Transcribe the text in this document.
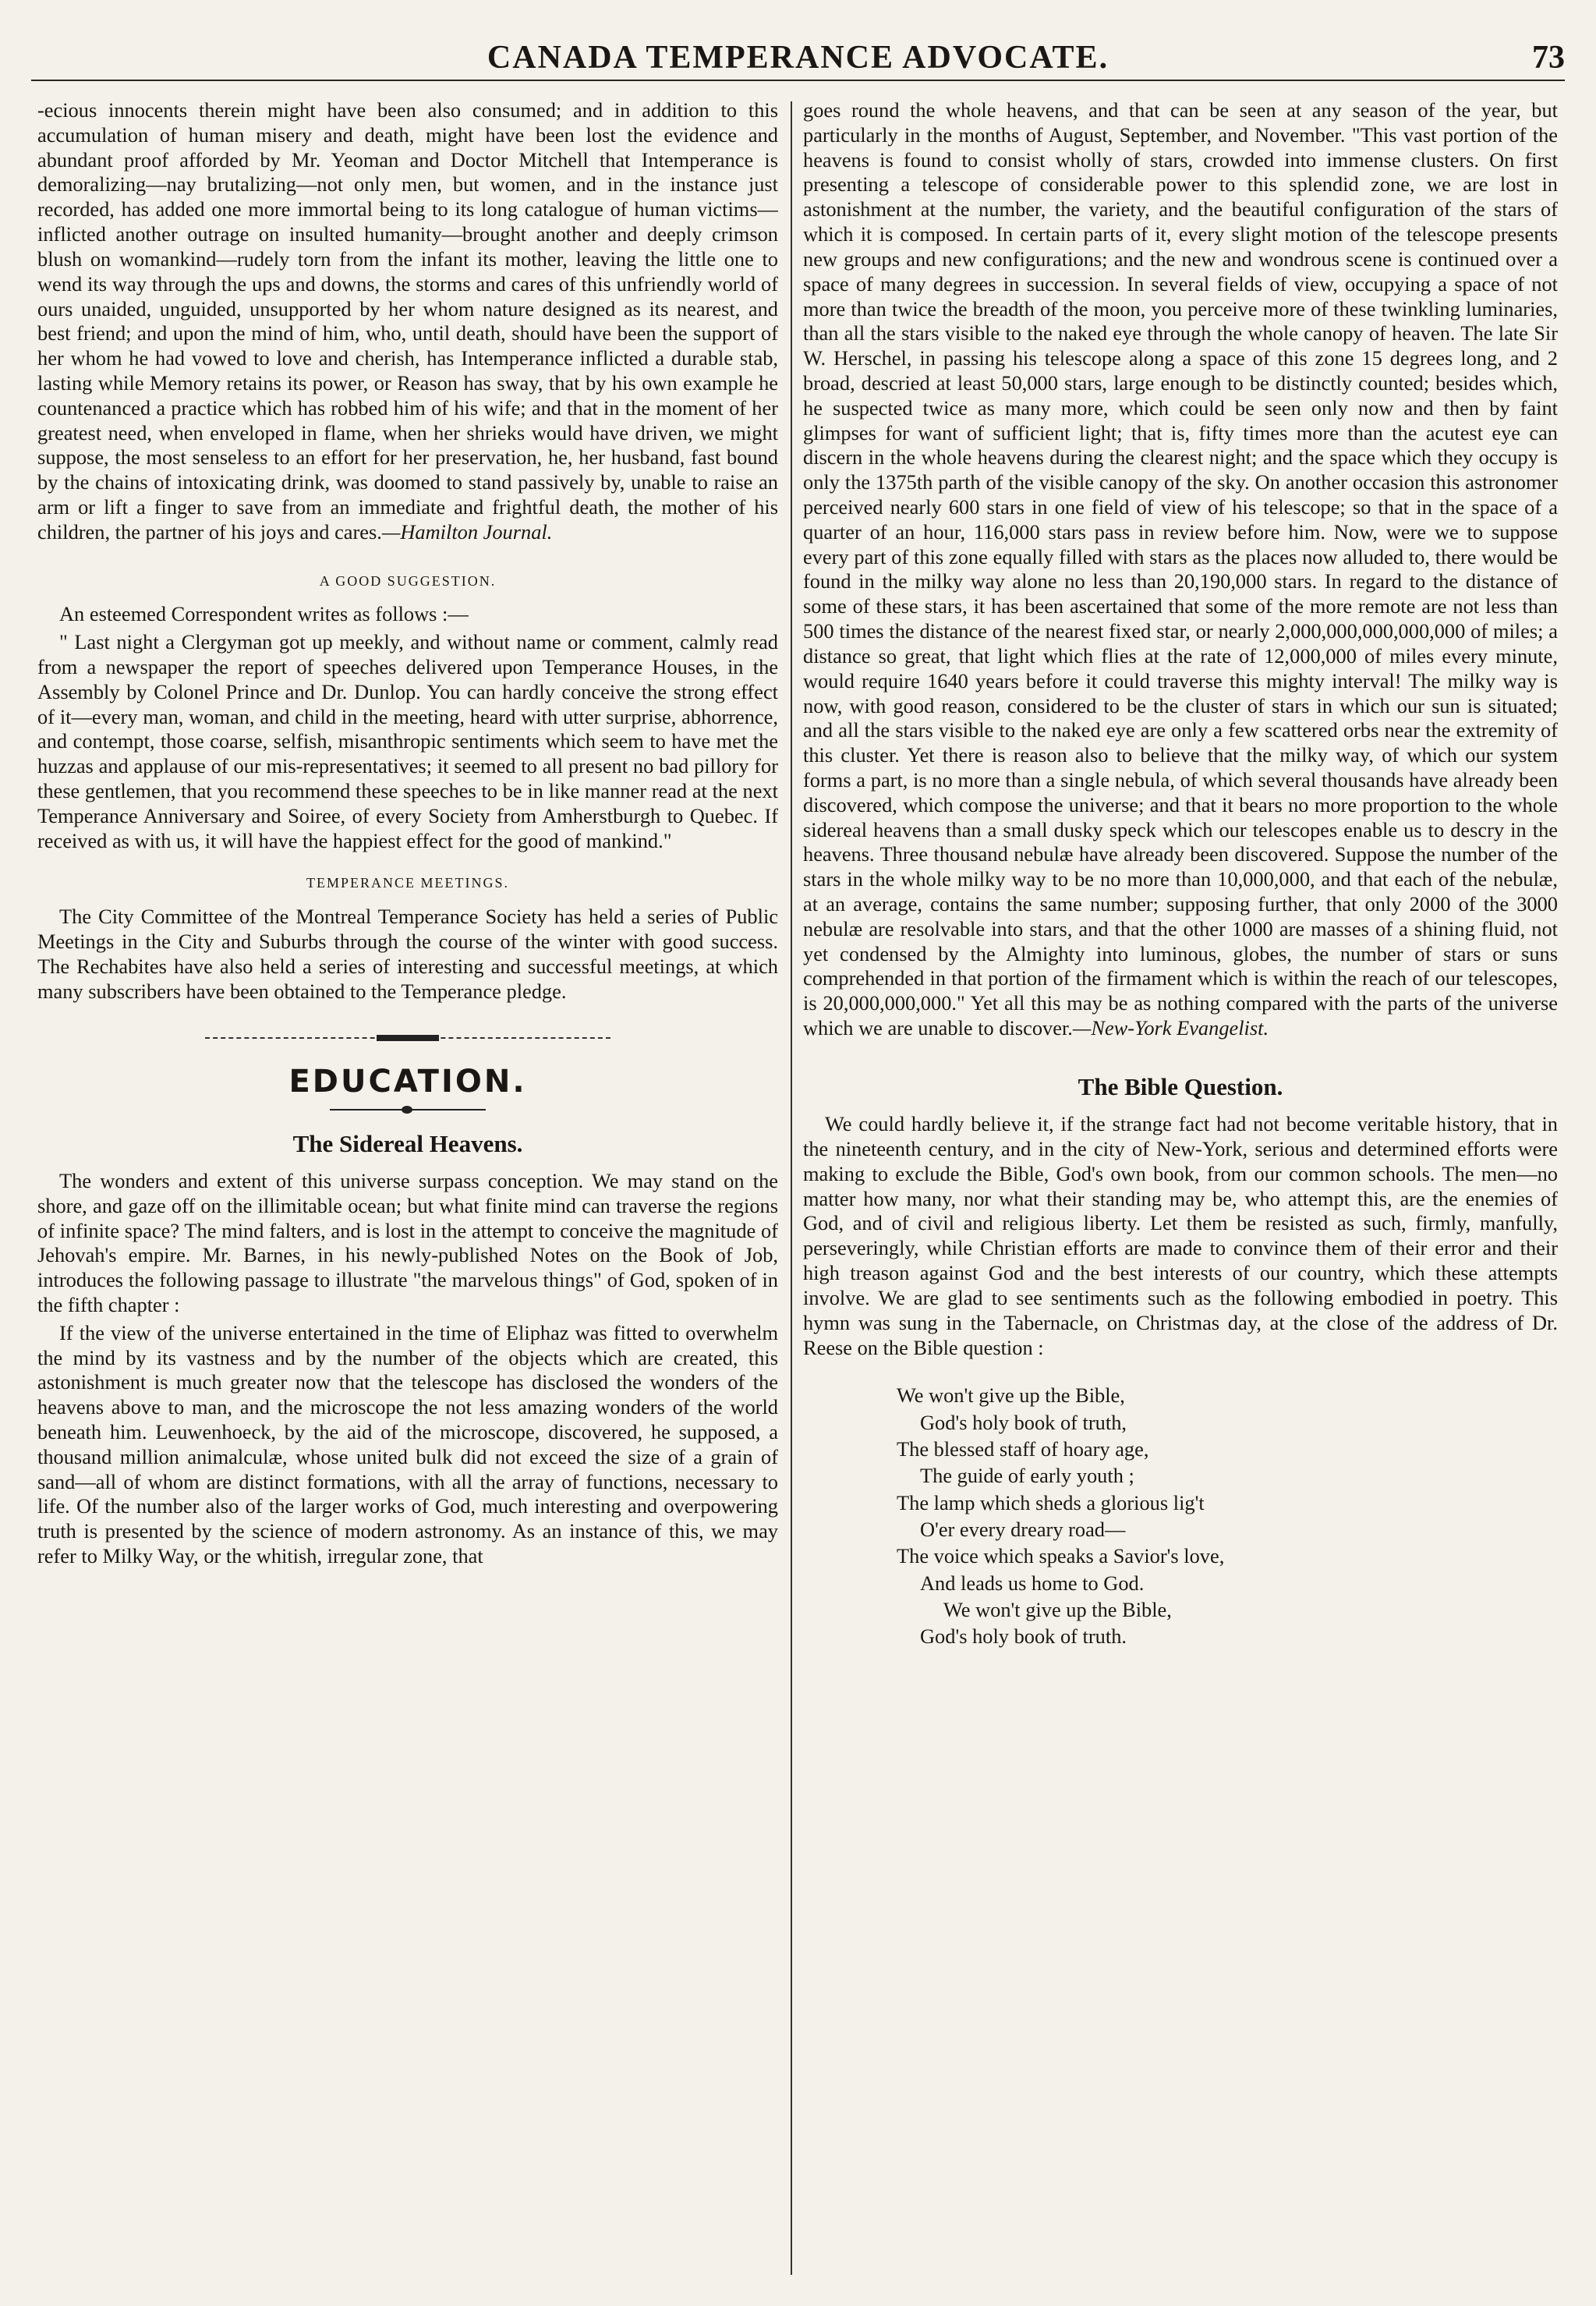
CANADA TEMPERANCE ADVOCATE.	73

-ecious innocents therein might have been also consumed; and in addition to this accumulation of human misery and death, might have been lost the evidence and abundant proof afforded by Mr. Yeoman and Doctor Mitchell that Intemperance is demoralizing—nay brutalizing—not only men, but women, and in the instance just recorded, has added one more immortal being to its long catalogue of human victims—inflicted another outrage on insulted humanity—brought another and deeply crimson blush on womankind—rudely torn from the infant its mother, leaving the little one to wend its way through the ups and downs, the storms and cares of this unfriendly world of ours unaided, unguided, unsupported by her whom nature designed as its nearest, and best friend; and upon the mind of him, who, until death, should have been the support of her whom he had vowed to love and cherish, has Intemperance inflicted a durable stab, lasting while Memory retains its power, or Reason has sway, that by his own example he countenanced a practice which has robbed him of his wife; and that in the moment of her greatest need, when enveloped in flame, when her shrieks would have driven, we might suppose, the most senseless to an effort for her preservation, he, her husband, fast bound by the chains of intoxicating drink, was doomed to stand passively by, unable to raise an arm or lift a finger to save from an immediate and frightful death, the mother of his children, the partner of his joys and cares.—Hamilton Journal.

A GOOD SUGGESTION.

An esteemed Correspondent writes as follows :—

" Last night a Clergyman got up meekly, and without name or comment, calmly read from a newspaper the report of speeches delivered upon Temperance Houses, in the Assembly by Colonel Prince and Dr. Dunlop. You can hardly conceive the strong effect of it—every man, woman, and child in the meeting, heard with utter surprise, abhorrence, and contempt, those coarse, selfish, misanthropic sentiments which seem to have met the huzzas and applause of our mis-representatives; it seemed to all present no bad pillory for these gentlemen, that you recommend these speeches to be in like manner read at the next Temperance Anniversary and Soiree, of every Society from Amherstburgh to Quebec. If received as with us, it will have the happiest effect for the good of mankind."

TEMPERANCE MEETINGS.

The City Committee of the Montreal Temperance Society has held a series of Public Meetings in the City and Suburbs through the course of the winter with good success. The Rechabites have also held a series of interesting and successful meetings, at which many subscribers have been obtained to the Temperance pledge.

EDUCATION.
The Sidereal Heavens.

The wonders and extent of this universe surpass conception. We may stand on the shore, and gaze off on the illimitable ocean; but what finite mind can traverse the regions of infinite space? The mind falters, and is lost in the attempt to conceive the magnitude of Jehovah's empire. Mr. Barnes, in his newly-published Notes on the Book of Job, introduces the following passage to illustrate "the marvelous things" of God, spoken of in the fifth chapter :

If the view of the universe entertained in the time of Eliphaz was fitted to overwhelm the mind by its vastness and by the number of the objects which are created, this astonishment is much greater now that the telescope has disclosed the wonders of the heavens above to man, and the microscope the not less amazing wonders of the world beneath him. Leuwenhoeck, by the aid of the microscope, discovered, he supposed, a thousand million animalculæ, whose united bulk did not exceed the size of a grain of sand—all of whom are distinct formations, with all the array of functions, necessary to life. Of the number also of the larger works of God, much interesting and overpowering truth is presented by the science of modern astronomy. As an instance of this, we may refer to Milky Way, or the whitish, irregular zone, that

goes round the whole heavens, and that can be seen at any season of the year, but particularly in the months of August, September, and November. "This vast portion of the heavens is found to consist wholly of stars, crowded into immense clusters. On first presenting a telescope of considerable power to this splendid zone, we are lost in astonishment at the number, the variety, and the beautiful configuration of the stars of which it is composed. In certain parts of it, every slight motion of the telescope presents new groups and new configurations; and the new and wondrous scene is continued over a space of many degrees in succession. In several fields of view, occupying a space of not more than twice the breadth of the moon, you perceive more of these twinkling luminaries, than all the stars visible to the naked eye through the whole canopy of heaven. The late Sir W. Herschel, in passing his telescope along a space of this zone 15 degrees long, and 2 broad, descried at least 50,000 stars, large enough to be distinctly counted; besides which, he suspected twice as many more, which could be seen only now and then by faint glimpses for want of sufficient light; that is, fifty times more than the acutest eye can discern in the whole heavens during the clearest night; and the space which they occupy is only the 1375th parth of the visible canopy of the sky. On another occasion this astronomer perceived nearly 600 stars in one field of view of his telescope; so that in the space of a quarter of an hour, 116,000 stars pass in review before him. Now, were we to suppose every part of this zone equally filled with stars as the places now alluded to, there would be found in the milky way alone no less than 20,190,000 stars. In regard to the distance of some of these stars, it has been ascertained that some of the more remote are not less than 500 times the distance of the nearest fixed star, or nearly 2,000,000,000,000,000 of miles; a distance so great, that light which flies at the rate of 12,000,000 of miles every minute, would require 1640 years before it could traverse this mighty interval! The milky way is now, with good reason, considered to be the cluster of stars in which our sun is situated; and all the stars visible to the naked eye are only a few scattered orbs near the extremity of this cluster. Yet there is reason also to believe that the milky way, of which our system forms a part, is no more than a single nebula, of which several thousands have already been discovered, which compose the universe; and that it bears no more proportion to the whole sidereal heavens than a small dusky speck which our telescopes enable us to descry in the heavens. Three thousand nebulæ have already been discovered. Suppose the number of the stars in the whole milky way to be no more than 10,000,000, and that each of the nebulæ, at an average, contains the same number; supposing further, that only 2000 of the 3000 nebulæ are resolvable into stars, and that the other 1000 are masses of a shining fluid, not yet condensed by the Almighty into luminous, globes, the number of stars or suns comprehended in that portion of the firmament which is within the reach of our telescopes, is 20,000,000,000." Yet all this may be as nothing compared with the parts of the universe which we are unable to discover.—New-York Evangelist.

The Bible Question.

We could hardly believe it, if the strange fact had not become veritable history, that in the nineteenth century, and in the city of New-York, serious and determined efforts were making to exclude the Bible, God's own book, from our common schools. The men—no matter how many, nor what their standing may be, who attempt this, are the enemies of God, and of civil and religious liberty. Let them be resisted as such, firmly, manfully, perseveringly, while Christian efforts are made to convince them of their error and their high treason against God and the best interests of our country, which these attempts involve. We are glad to see sentiments such as the following embodied in poetry. This hymn was sung in the Tabernacle, on Christmas day, at the close of the address of Dr. Reese on the Bible question :

We won't give up the Bible,
God's holy book of truth,
The blessed staff of hoary age,
The guide of early youth ;
The lamp which sheds a glorious lig't
O'er every dreary road—
The voice which speaks a Savior's love,
And leads us home to God.
We won't give up the Bible,
God's holy book of truth.
